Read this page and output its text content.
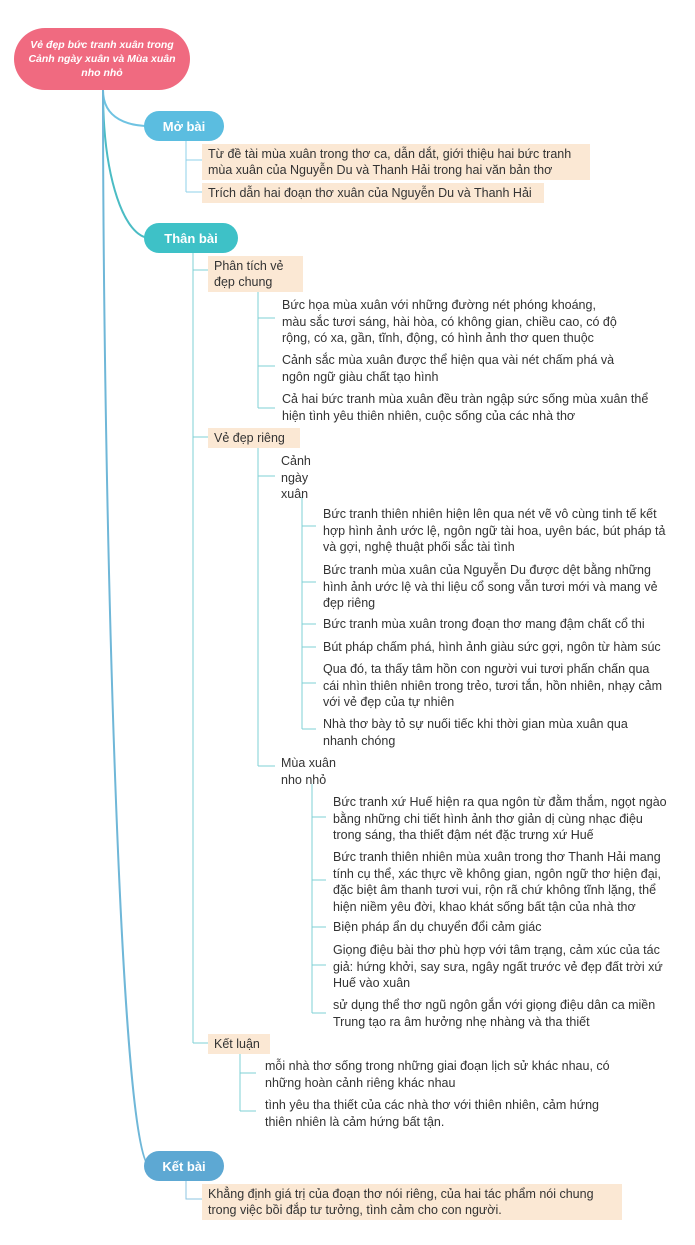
Vẻ đẹp bức tranh xuân trong Cảnh ngày xuân và Mùa xuân nho nhỏ
Mở bài
Từ đề tài mùa xuân trong thơ ca, dẫn dắt, giới thiệu hai bức tranh mùa xuân của Nguyễn Du và Thanh Hải trong hai văn bản thơ
Trích dẫn hai đoạn thơ xuân của Nguyễn Du và Thanh Hải
Thân bài
Phân tích vẻ đẹp chung
Bức họa mùa xuân với những đường nét phóng khoáng, màu sắc tươi sáng, hài hòa, có không gian, chiều cao, có độ rộng, có xa, gần, tĩnh, động, có hình ảnh thơ quen thuộc
Cảnh sắc mùa xuân được thể hiện qua vài nét chấm phá và ngôn ngữ giàu chất tạo hình
Cả hai bức tranh mùa xuân đều tràn ngập sức sống mùa xuân thể hiện tình yêu thiên nhiên, cuộc sống của các nhà thơ
Vẻ đẹp riêng
Cảnh ngày xuân
Bức tranh thiên nhiên hiện lên qua nét vẽ vô cùng tinh tế kết hợp hình ảnh ước lệ, ngôn ngữ tài hoa, uyên bác, bút pháp tả và gợi, nghệ thuật phối sắc tài tình
Bức tranh mùa xuân của Nguyễn Du được dệt bằng những hình ảnh ước lệ và thi liệu cổ song vẫn tươi mới và mang vẻ đẹp riêng
Bức tranh mùa xuân trong đoạn thơ mang đậm chất cổ thi
Bút pháp chấm phá, hình ảnh giàu sức gợi, ngôn từ hàm súc
Qua đó, ta thấy tâm hồn con người vui tươi phấn chấn qua cái nhìn thiên nhiên trong trẻo, tươi tắn, hồn nhiên, nhạy cảm với vẻ đẹp của tự nhiên
Nhà thơ bày tỏ sự nuối tiếc khi thời gian mùa xuân qua nhanh chóng
Mùa xuân nho nhỏ
Bức tranh xứ Huế hiện ra qua ngôn từ đằm thắm, ngọt ngào bằng những chi tiết hình ảnh thơ giản dị cùng nhạc điệu trong sáng, tha thiết đậm nét đặc trưng xứ Huế
Bức tranh thiên nhiên mùa xuân trong thơ Thanh Hải mang tính cụ thể, xác thực về không gian, ngôn ngữ thơ hiện đại, đặc biệt âm thanh tươi vui, rộn rã chứ không tĩnh lặng, thể hiện niềm yêu đời, khao khát sống bất tận của nhà thơ
Biện pháp ẩn dụ chuyển đổi cảm giác
Giọng điệu bài thơ phù hợp với tâm trạng, cảm xúc của tác giả: hứng khởi, say sưa, ngây ngất trước vẻ đẹp đất trời xứ Huế vào xuân
sử dụng thể thơ ngũ ngôn gắn với giọng điệu dân ca miền Trung tạo ra âm hưởng nhẹ nhàng và tha thiết
Kết luận
mỗi nhà thơ sống trong những giai đoạn lịch sử khác nhau, có những hoàn cảnh riêng khác nhau
tình yêu tha thiết của các nhà thơ với thiên nhiên, cảm hứng thiên nhiên là cảm hứng bất tận.
Kết bài
Khẳng định giá trị của đoạn thơ nói riêng, của hai tác phẩm nói chung trong việc bồi đắp tư tưởng, tình cảm cho con người.
